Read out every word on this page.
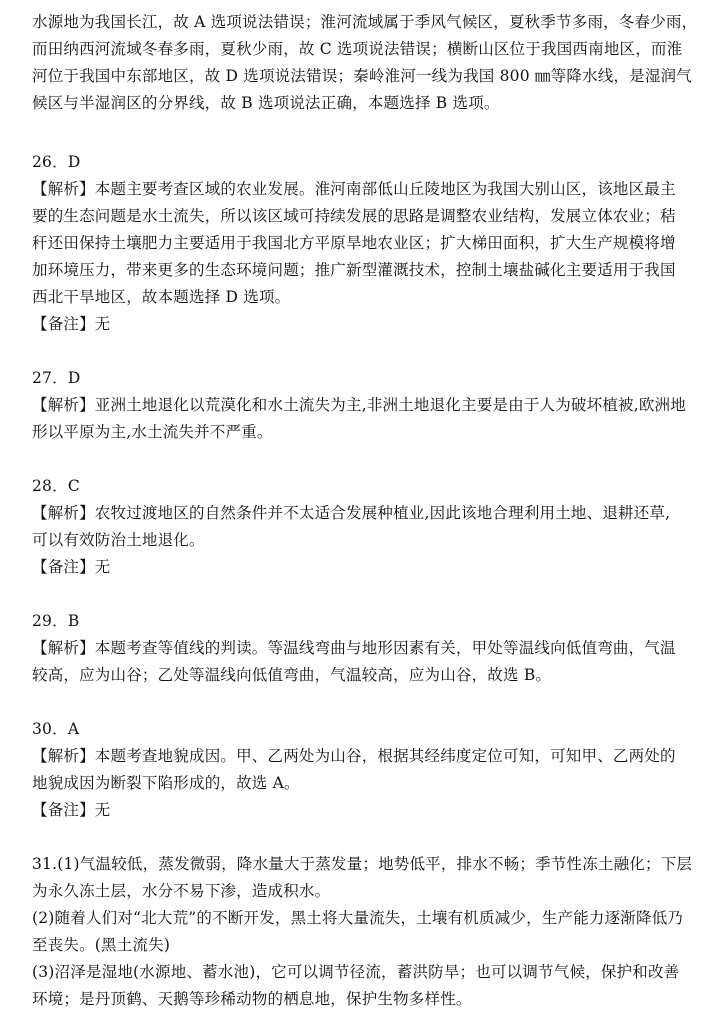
水源地为我国长江，故 A 选项说法错误；淮河流域属于季风气候区，夏秋季节多雨，冬春少雨，
而田纳西河流域冬春多雨，夏秋少雨，故 C 选项说法错误；横断山区位于我国西南地区，而淮
河位于我国中东部地区，故 D 选项说法错误；秦岭淮河一线为我国 800 ㎜等降水线，是湿润气
候区与半湿润区的分界线，故 B 选项说法正确，本题选择 B 选项。
26．D
【解析】本题主要考查区域的农业发展。淮河南部低山丘陵地区为我国大别山区，该地区最主
要的生态问题是水土流失，所以该区域可持续发展的思路是调整农业结构，发展立体农业；秸
秆还田保持土壤肥力主要适用于我国北方平原旱地农业区；扩大梯田面积，扩大生产规模将增
加环境压力，带来更多的生态环境问题；推广新型灌溉技术，控制土壤盐碱化主要适用于我国
西北干旱地区，故本题选择 D 选项。
【备注】无
27．D
【解析】亚洲土地退化以荒漠化和水土流失为主,非洲土地退化主要是由于人为破坏植被,欧洲地
形以平原为主,水土流失并不严重。
28．C
【解析】农牧过渡地区的自然条件并不太适合发展种植业,因此该地合理利用土地、退耕还草,
可以有效防治土地退化。
【备注】无
29．B
【解析】本题考查等值线的判读。等温线弯曲与地形因素有关，甲处等温线向低值弯曲，气温
较高，应为山谷；乙处等温线向低值弯曲，气温较高，应为山谷，故选 B。
30．A
【解析】本题考查地貌成因。甲、乙两处为山谷，根据其经纬度定位可知，可知甲、乙两处的
地貌成因为断裂下陷形成的，故选 A。
【备注】无
31.(1)气温较低，蒸发微弱，降水量大于蒸发量；地势低平，排水不畅；季节性冻土融化；下层
为永久冻土层，水分不易下渗，造成积水。
(2)随着人们对“北大荒”的不断开发，黑土将大量流失，土壤有机质减少，生产能力逐渐降低乃
至丧失。(黑土流失)
(3)沼泽是湿地(水源地、蓄水池)，它可以调节径流，蓄洪防旱；也可以调节气候，保护和改善
环境；是丹顶鹤、天鹅等珍稀动物的栖息地，保护生物多样性。
